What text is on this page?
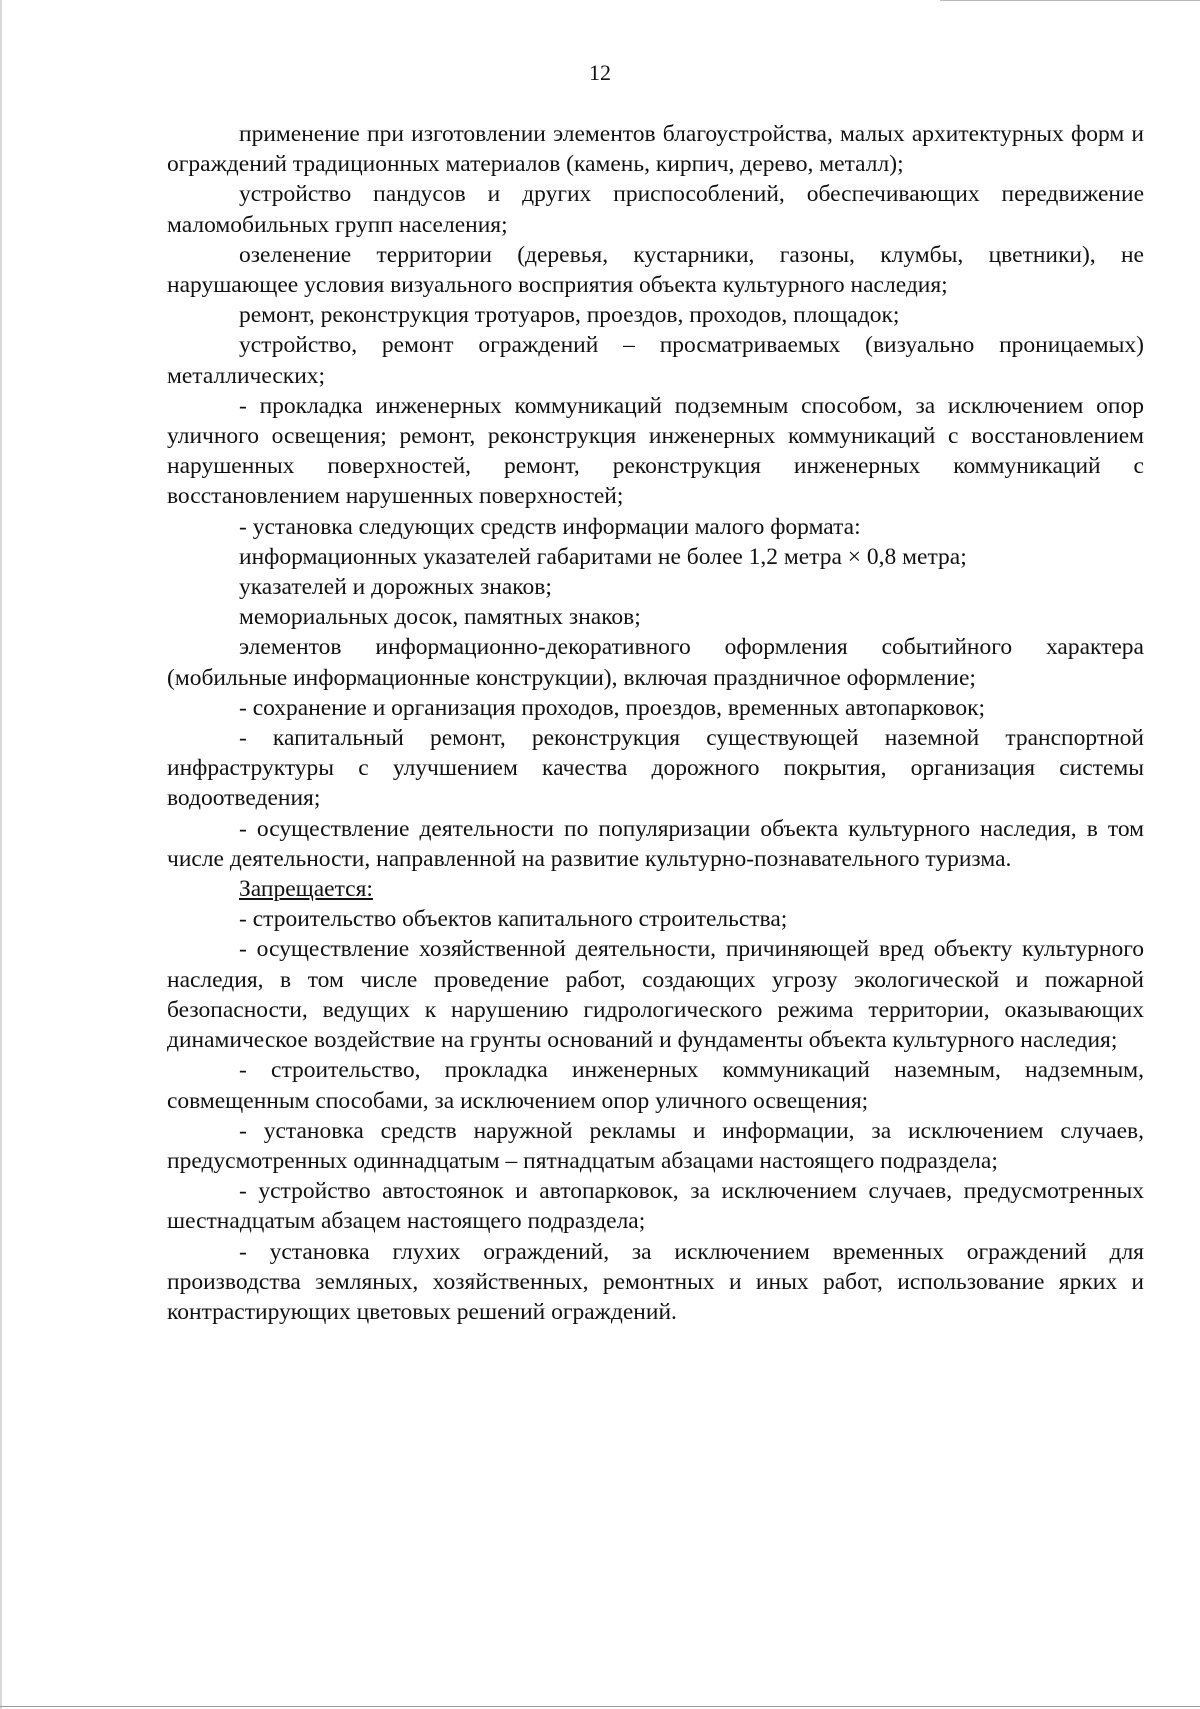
12

применение при изготовлении элементов благоустройства, малых архитектурных форм и ограждений традиционных материалов (камень, кирпич, дерево, металл);

устройство пандусов и других приспособлений, обеспечивающих передвижение маломобильных групп населения;

озеленение территории (деревья, кустарники, газоны, клумбы, цветники), не нарушающее условия визуального восприятия объекта культурного наследия;

ремонт, реконструкция тротуаров, проездов, проходов, площадок;

устройство, ремонт ограждений – просматриваемых (визуально проницаемых) металлических;

- прокладка инженерных коммуникаций подземным способом, за исключением опор уличного освещения; ремонт, реконструкция инженерных коммуникаций с восстановлением нарушенных поверхностей, ремонт, реконструкция инженерных коммуникаций с восстановлением нарушенных поверхностей;

- установка следующих средств информации малого формата:

информационных указателей габаритами не более 1,2 метра × 0,8 метра;

указателей и дорожных знаков;

мемориальных досок, памятных знаков;

элементов информационно-декоративного оформления событийного характера (мобильные информационные конструкции), включая праздничное оформление;

- сохранение и организация проходов, проездов, временных автопарковок;

- капитальный ремонт, реконструкция существующей наземной транспортной инфраструктуры с улучшением качества дорожного покрытия, организация системы водоотведения;

- осуществление деятельности по популяризации объекта культурного наследия, в том числе деятельности, направленной на развитие культурно-познавательного туризма.

Запрещается:

- строительство объектов капитального строительства;

- осуществление хозяйственной деятельности, причиняющей вред объекту культурного наследия, в том числе проведение работ, создающих угрозу экологической и пожарной безопасности, ведущих к нарушению гидрологического режима территории, оказывающих динамическое воздействие на грунты оснований и фундаменты объекта культурного наследия;

- строительство, прокладка инженерных коммуникаций наземным, надземным, совмещенным способами, за исключением опор уличного освещения;

- установка средств наружной рекламы и информации, за исключением случаев, предусмотренных одиннадцатым – пятнадцатым абзацами настоящего подраздела;

- устройство автостоянок и автопарковок, за исключением случаев, предусмотренных шестнадцатым абзацем настоящего подраздела;

- установка глухих ограждений, за исключением временных ограждений для производства земляных, хозяйственных, ремонтных и иных работ, использование ярких и контрастирующих цветовых решений ограждений.
